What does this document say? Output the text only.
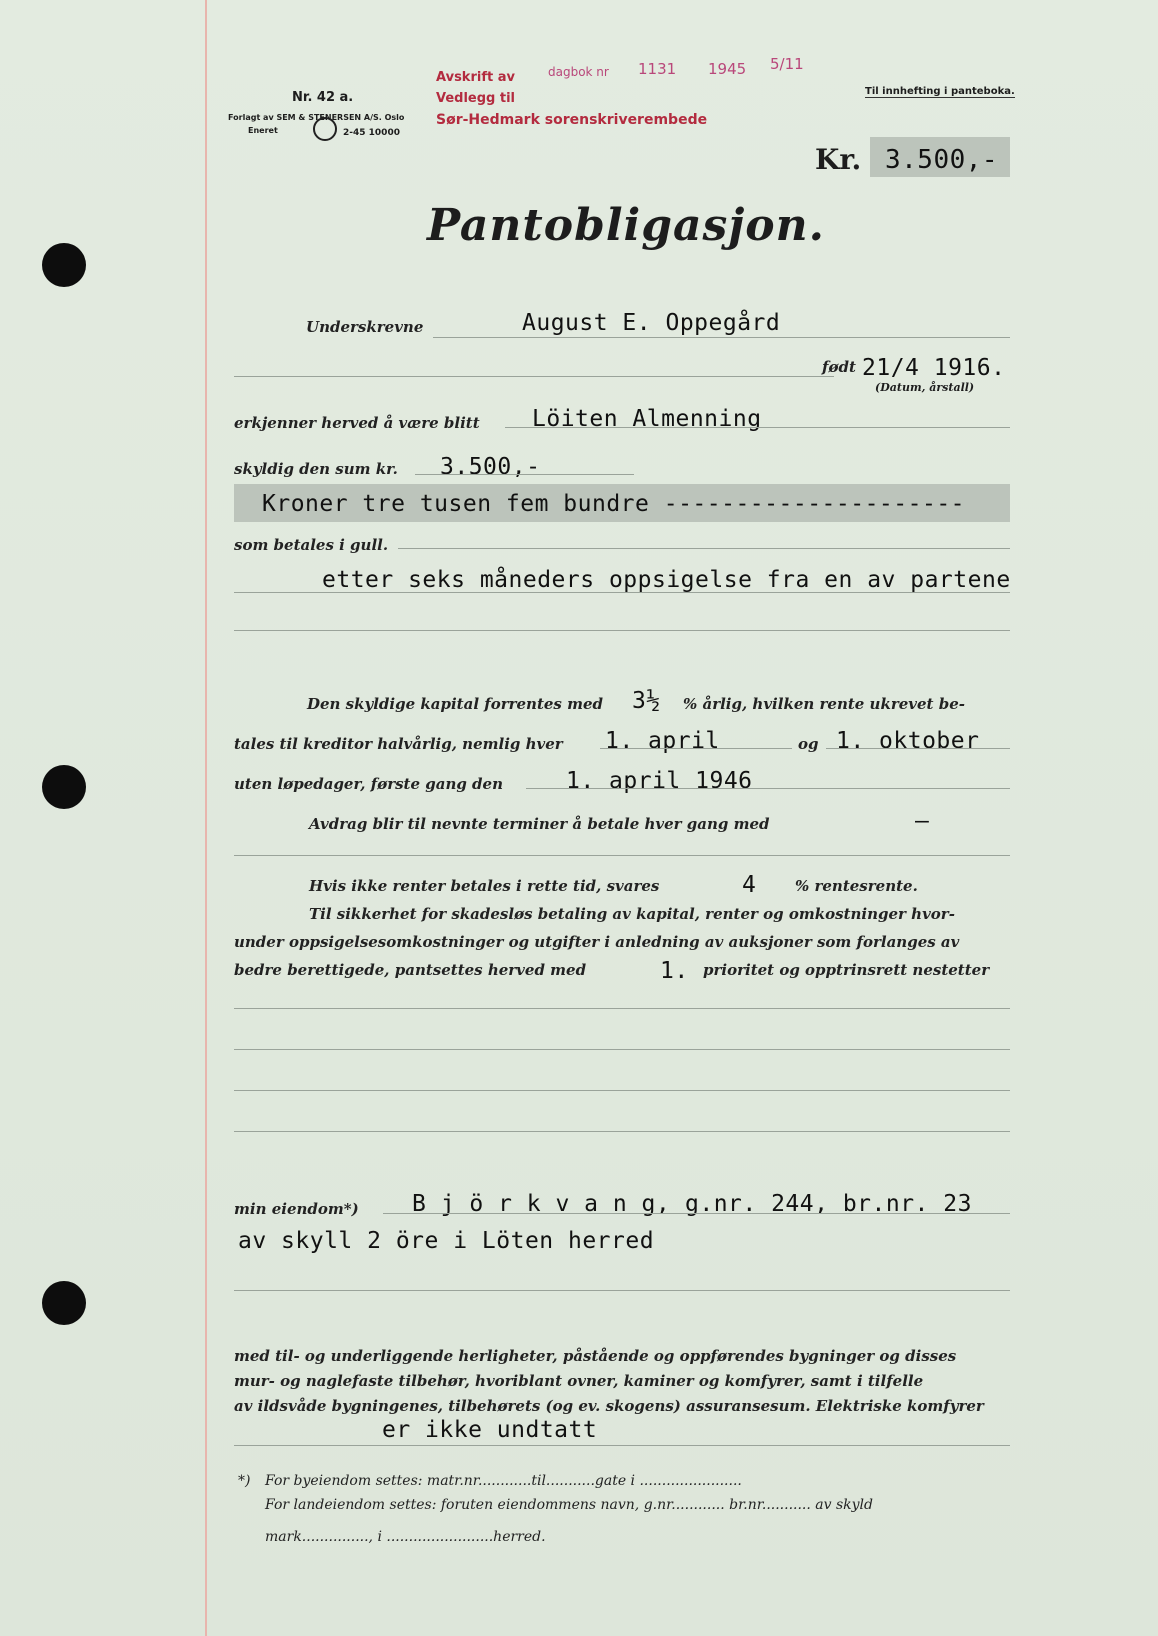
Nr. 42 a.
Forlagt av SEM & STENERSEN A/S. Oslo
Eneret	2-45 10000
Avskrift av
Vedlegg til
Sør-Hedmark sorenskriverembede
dagbok nr 1131 1945 5/11
Til innhefting i panteboka.
Kr. 3.500,-
Pantobligasjon.
Underskrevne	August E. Oppegård
født 21/4 1916.
(Datum, årstall)
erkjenner herved å være blitt Löiten Almenning
skyldig den sum kr. 3.500,-
Kroner tre tusen fem bundre ---------------------
som betales i gull.
etter seks måneders oppsigelse fra en av partene
Den skyldige kapital forrentes med 3½ % årlig, hvilken rente ukrevet be-
tales til kreditor halvårlig, nemlig hver 1. april	og 1. oktober
uten løpedager, første gang den	1. april 1946
Avdrag blir til nevnte terminer å betale hver gang med	–
Hvis ikke renter betales i rette tid, svares	4	% rentesrente.
Til sikkerhet for skadesløs betaling av kapital, renter og omkostninger hvor-
under oppsigelsesomkostninger og utgifter i anledning av auksjoner som forlanges av
bedre berettigede, pantsettes herved med	1. prioritet og opptrinsrett nestetter
min eiendom*) B j ö r k v a n g, g.nr. 244, br.nr. 23
av skyll 2 öre i Löten herred
med til- og underliggende herligheter, påstående og oppførendes bygninger og disses
mur- og naglefaste tilbehør, hvoriblant ovner, kaminer og komfyrer, samt i tilfelle
av ildsvåde bygningenes, tilbehørets (og ev. skogens) assuransesum. Elektriske komfyrer
er ikke undtatt
*) For byeiendom settes: matr.nr............til...........gate i .......................
For landeiendom settes: foruten eiendommens navn, g.nr............ br.nr........... av skyld
mark..............., i ........................herred.
